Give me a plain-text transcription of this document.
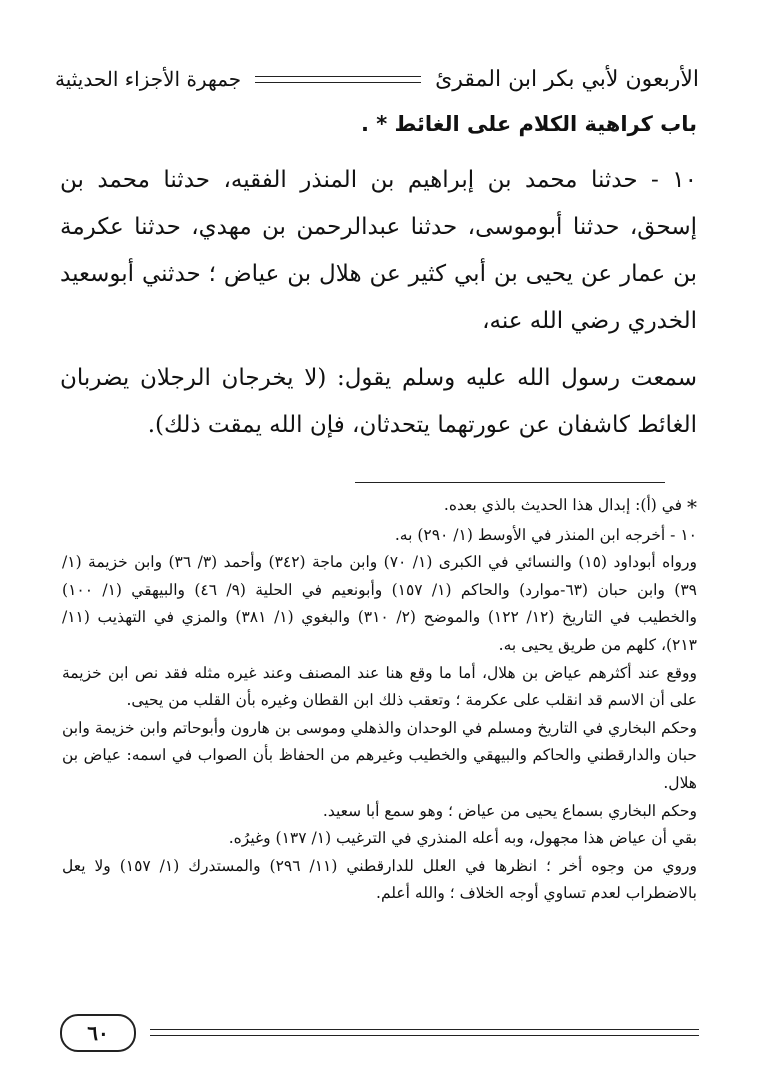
الأربعون لأبي بكر ابن المقرئ
جمهرة الأجزاء الحديثية
باب كراهية الكلام على الغائط * .

١٠ - حدثنا محمد بن إبراهيم بن المنذر الفقيه، حدثنا محمد بن إسحق، حدثنا أبوموسى، حدثنا عبدالرحمن بن مهدي، حدثنا عكرمة بن عمار عن يحيى بن أبي كثير عن هلال بن عياض ؛ حدثني أبوسعيد الخدري رضي الله عنه،

سمعت رسول الله عليه وسلم يقول: (لا يخرجان الرجلان يضربان الغائط كاشفان عن عورتهما يتحدثان، فإن الله يمقت ذلك).

* في (أ): إبدال هذا الحديث بالذي بعده.

١٠ - أخرجه ابن المنذر في الأوسط (١/ ٢٩٠) به.

ورواه أبوداود (١٥) والنسائي في الكبرى (١/ ٧٠) وابن ماجة (٣٤٢) وأحمد (٣/ ٣٦) وابن خزيمة (١/ ٣٩) وابن حبان (٦٣-موارد) والحاكم (١/ ١٥٧) وأبونعيم في الحلية (٩/ ٤٦) والبيهقي (١/ ١٠٠) والخطيب في التاريخ (١٢/ ١٢٢) والموضح (٢/ ٣١٠) والبغوي (١/ ٣٨١) والمزي في التهذيب (١١/ ٢١٣)، كلهم من طريق يحيى به.

ووقع عند أكثرهم عياض بن هلال، أما ما وقع هنا عند المصنف وعند غيره مثله فقد نص ابن خزيمة على أن الاسم قد انقلب على عكرمة ؛ وتعقب ذلك ابن القطان وغيره بأن القلب من يحيى.

وحكم البخاري في التاريخ ومسلم في الوحدان والذهلي وموسى بن هارون وأبوحاتم وابن خزيمة وابن حبان والدارقطني والحاكم والبيهقي والخطيب وغيرهم من الحفاظ بأن الصواب في اسمه: عياض بن هلال.

وحكم البخاري بسماع يحيى من عياض ؛ وهو سمع أبا سعيد.

بقي أن عياض هذا مجهول، وبه أعله المنذري في الترغيب (١/ ١٣٧) وغيرُه.

وروي من وجوه أخر ؛ انظرها في العلل للدارقطني (١١/ ٢٩٦) والمستدرك (١/ ١٥٧) ولا يعل بالاضطراب لعدم تساوي أوجه الخلاف ؛ والله أعلم.

٦٠
